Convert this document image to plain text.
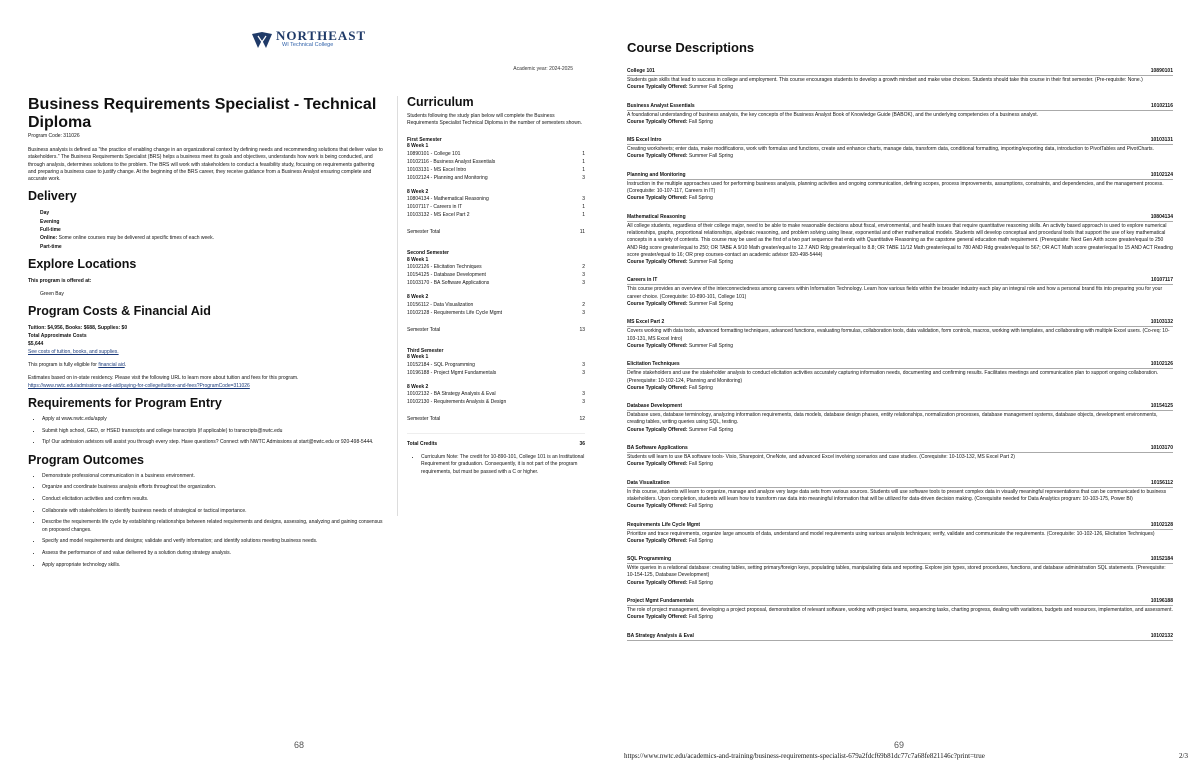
NORTHEAST
WI Technical College
Academic year: 2024-2025
Business Requirements Specialist - Technical Diploma
Program Code: 311026

Business analysis is defined as "the practice of enabling change in an organizational context by defining needs and recommending solutions that deliver value to stakeholders." The Business Requirements Specialist (BRS) helps a business meet its goals and objectives, understands how work is being conducted, and through analysis, determines solutions to the problem. The BRS will work with stakeholders to conduct a feasibility study, focusing on requirements gathering and preparing a business case to justify change. At the beginning of the BRS career, they receive guidance from a Business Analyst ensuring complete and accurate work.

Delivery
Day
Evening
Full-time
Online: Some online courses may be delivered at specific times of each week.
Part-time
Explore Locations

This program is offered at:

Green Bay

Program Costs & Financial Aid

Tuition: $4,956, Books: $688, Supplies: $0

Total Approximate Costs

$5,644

See costs of tuition, books, and supplies.

This program is fully eligible for financial aid.

Estimates based on in-state residency. Please visit the following URL to learn more about tuition and fees for this program.

https://www.nwtc.edu/admissions-and-aid/paying-for-college/tuition-and-fees?ProgramCode=311026

Requirements for Program Entry
• Apply at www.nwtc.edu/apply
• Submit high school, GED, or HSED transcripts and college transcripts (if applicable) to transcripts@nwtc.edu
• Tip! Our admission advisors will assist you through every step. Have questions? Connect with NWTC Admissions at start@nwtc.edu or 920-498-5444.
Program Outcomes
• Demonstrate professional communication in a business environment.
• Organize and coordinate business analysis efforts throughout the organization.
• Conduct elicitation activities and confirm results.
• Collaborate with stakeholders to identify business needs of strategical or tactical importance.
• Describe the requirements life cycle by establishing relationships between related requirements and designs, assessing, analyzing and gaining consensus on proposed changes.
• Specify and model requirements and designs; validate and verify information; and identify solutions meeting business needs.
• Assess the performance of and value delivered by a solution during strategy analysis.
• Apply appropriate technology skills.
Curriculum

Students following the study plan below will complete the Business Requirements Specialist Technical Diploma in the number of semesters shown.

First Semester
8 Week 1
10890101 - College 101	1
10102116 - Business Analyst Essentials	1
10103131 - MS Excel Intro	1
10102124 - Planning and Monitoring	3
8 Week 2
10804134 - Mathematical Reasoning	3
10107117 - Careers in IT	1
10103132 - MS Excel Part 2	1
Semester Total	11
Second Semester
8 Week 1
10102126 - Elicitation Techniques	2
10154125 - Database Development	3
10103170 - BA Software Applications	3
8 Week 2
10156112 - Data Visualization	2
10102128 - Requirements Life Cycle Mgmt	3
Semester Total	13
Third Semester
8 Week 1
10152184 - SQL Programming	3
10196188 - Project Mgmt Fundamentals	3
8 Week 2
10102132 - BA Strategy Analysis & Eval	3
10102130 - Requirements Analysis & Design	3
Semester Total	12
Total Credits	36
• Curriculum Note: The credit for 10-890-101, College 101 is an Institutional Requirement for graduation. Consequently, it is not part of the program requirements, but must be passed with a C or higher.
68
Course Descriptions
College 101	10890101
Students gain skills that lead to success in college and employment. This course encourages students to develop a growth mindset and make wise choices. Students should take this course in their first semester. (Pre-requisite: None.)
Course Typically Offered: Summer Fall Spring
Business Analyst Essentials	10102116
A foundational understanding of business analysis, the key concepts of the Business Analyst Book of Knowledge Guide (BABOK), and the underlying competencies of a business analyst.
Course Typically Offered: Fall Spring
MS Excel Intro	10103131
Creating worksheets; enter data, make modifications, work with formulas and functions, create and enhance charts, manage data, transform data, conditional formatting, importing/exporting data, introduction to PivotTables and PivotCharts.
Course Typically Offered: Summer Fall Spring
Planning and Monitoring	10102124
Instruction in the multiple approaches used for performing business analysis, planning activities and ongoing communication, defining scopes, process improvements, assumptions, constraints, and dependencies, and the management process. (Corequisite: 10-107-117, Careers in IT)
Course Typically Offered: Fall Spring
Mathematical Reasoning	10804134
All college students, regardless of their college major, need to be able to make reasonable decisions about fiscal, environmental, and health issues that require quantitative reasoning skills. An activity based approach is used to explore numerical relationships, graphs, proportional relationships, algebraic reasoning, and problem solving using linear, exponential and other mathematical models. Students will develop conceptual and procedural tools that support the use of key mathematical concepts in a variety of contexts. This course may be used as the first of a two part sequence that ends with Quantitative Reasoning as the capstone general education math requirement. (Prerequisite: Next Gen Arith score greater/equal to 250 AND Rdg score greater/equal to 250; OR TABE A 9/10 Math greater/equal to 12.7 AND Rdg greater/equal to 8.8; OR TABE 11/12 Math greater/equal to 780 AND Rdg greater/equal to 567; OR ACT Math score greater/equal to 15 AND ACT Reading score greater/equal to 16; OR prep courses-contact an academic advisor 920-498-5444)
Course Typically Offered: Summer Fall Spring
Careers in IT	10107117
This course provides an overview of the interconnectedness among careers within Information Technology. Learn how various fields within the broader industry each play an integral role and how a personal brand fits into preparing you for your career choice. (Corequisite: 10-890-101, College 101)
Course Typically Offered: Summer Fall Spring
MS Excel Part 2	10103132
Covers working with data tools, advanced formatting techniques, advanced functions, evaluating formulas, collaboration tools, data validation, form controls, macros, working with templates, and collaborating with multiple Excel users. (Co-req: 10-103-131, MS Excel Intro)
Course Typically Offered: Summer Fall Spring
Elicitation Techniques	10102126
Define stakeholders and use the stakeholder analysis to conduct elicitation activities accurately capturing information needs, documenting and confirming results. Facilitates meetings and communication plan to support ongoing collaboration. (Prerequisite: 10-102-124, Planning and Monitoring)
Course Typically Offered: Fall Spring
Database Development	10154125
Database uses, database terminology, analyzing information requirements, data models, database design phases, entity relationships, normalization processes, database management systems, database objects, development environments, creating tables, writing queries using SQL, testing.
Course Typically Offered: Summer Fall Spring
BA Software Applications	10103170
Students will learn to use BA software tools- Visio, Sharepoint, OneNote, and advanced Excel involving scenarios and case studies. (Corequisite: 10-103-132, MS Excel Part 2)
Course Typically Offered: Fall Spring
Data Visualization	10156112
In this course, students will learn to organize, manage and analyze very large data sets from various sources. Students will use software tools to present complex data in visually meaningful representations that can be communicated to business stakeholders. Upon completion, students will learn how to transform raw data into meaningful information that will be utilized for data-driven decision making. (Corequisite needed for Data Analytics program: 10-103-175, Power BI)
Course Typically Offered: Fall Spring
Requirements Life Cycle Mgmt	10102128
Prioritize and trace requirements, organize large amounts of data, understand and model requirements using various analysis techniques; verify, validate and communicate the requirements. (Corequisite: 10-102-126, Elicitation Techniques)
Course Typically Offered: Fall Spring
SQL Programming	10152184
Write queries in a relational database: creating tables, setting primary/foreign keys, populating tables, manipulating data and reporting. Explore join types, stored procedures, functions, and database administration SQL statements. (Prerequisite: 10-154-125, Database Development)
Course Typically Offered: Fall Spring
Project Mgmt Fundamentals	10196188
The role of project management, developing a project proposal, demonstration of relevant software, working with project teams, sequencing tasks, charting progress, dealing with variations, budgets and resources, implementation, and assessment.
Course Typically Offered: Fall Spring
BA Strategy Analysis & Eval	10102132
69
https://www.nwtc.edu/academics-and-training/business-requirements-specialist-679a2fdcf69b81dc77c7a68fe821146c?print=true	2/3
